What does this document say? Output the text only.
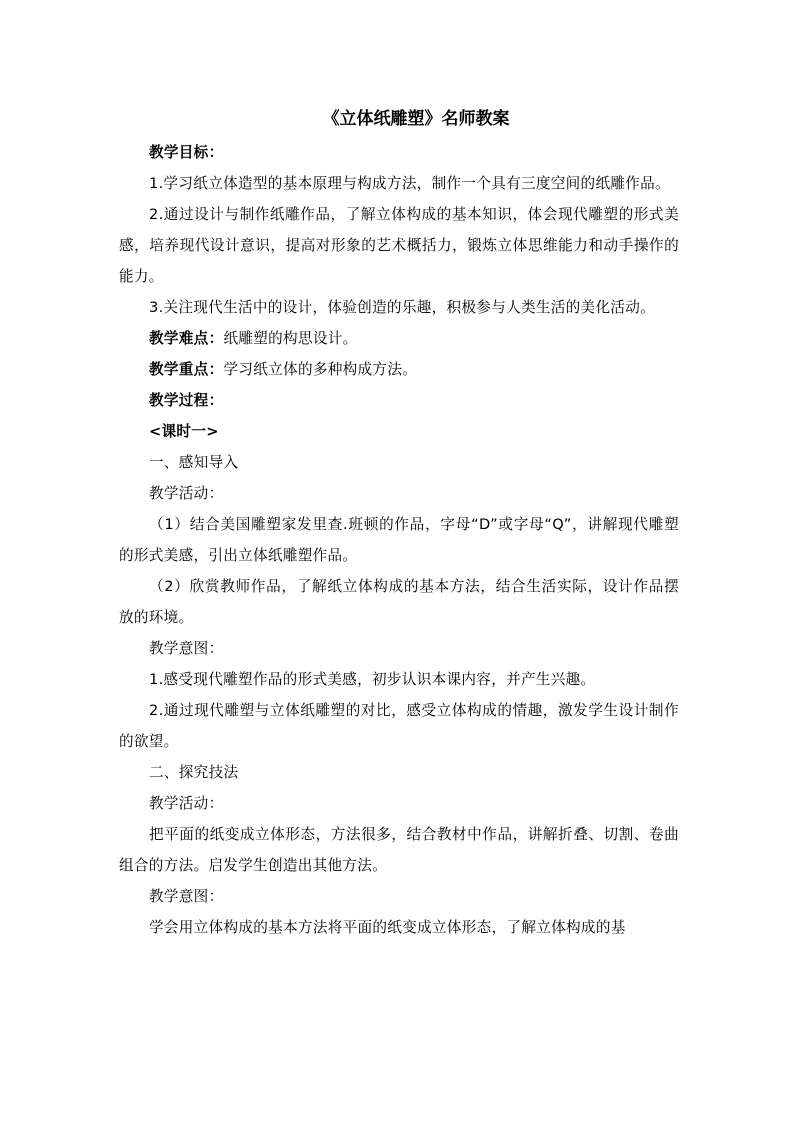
《立体纸雕塑》名师教案

教学目标：

1.学习纸立体造型的基本原理与构成方法，制作一个具有三度空间的纸雕作品。

2.通过设计与制作纸雕作品，了解立体构成的基本知识，体会现代雕塑的形式美感，培养现代设计意识，提高对形象的艺术概括力，锻炼立体思维能力和动手操作的能力。

3.关注现代生活中的设计，体验创造的乐趣，积极参与人类生活的美化活动。

教学难点：纸雕塑的构思设计。

教学重点：学习纸立体的多种构成方法。

教学过程：

<课时一>

一、感知导入

教学活动：

（1）结合美国雕塑家发里查.班顿的作品，字母“D”或字母“Q”，讲解现代雕塑的形式美感，引出立体纸雕塑作品。

（2）欣赏教师作品，了解纸立体构成的基本方法，结合生活实际，设计作品摆放的环境。

教学意图：

1.感受现代雕塑作品的形式美感，初步认识本课内容，并产生兴趣。

2.通过现代雕塑与立体纸雕塑的对比，感受立体构成的情趣，激发学生设计制作的欲望。

二、探究技法

教学活动：

把平面的纸变成立体形态，方法很多，结合教材中作品，讲解折叠、切割、卷曲组合的方法。启发学生创造出其他方法。

教学意图：

学会用立体构成的基本方法将平面的纸变成立体形态，了解立体构成的基
